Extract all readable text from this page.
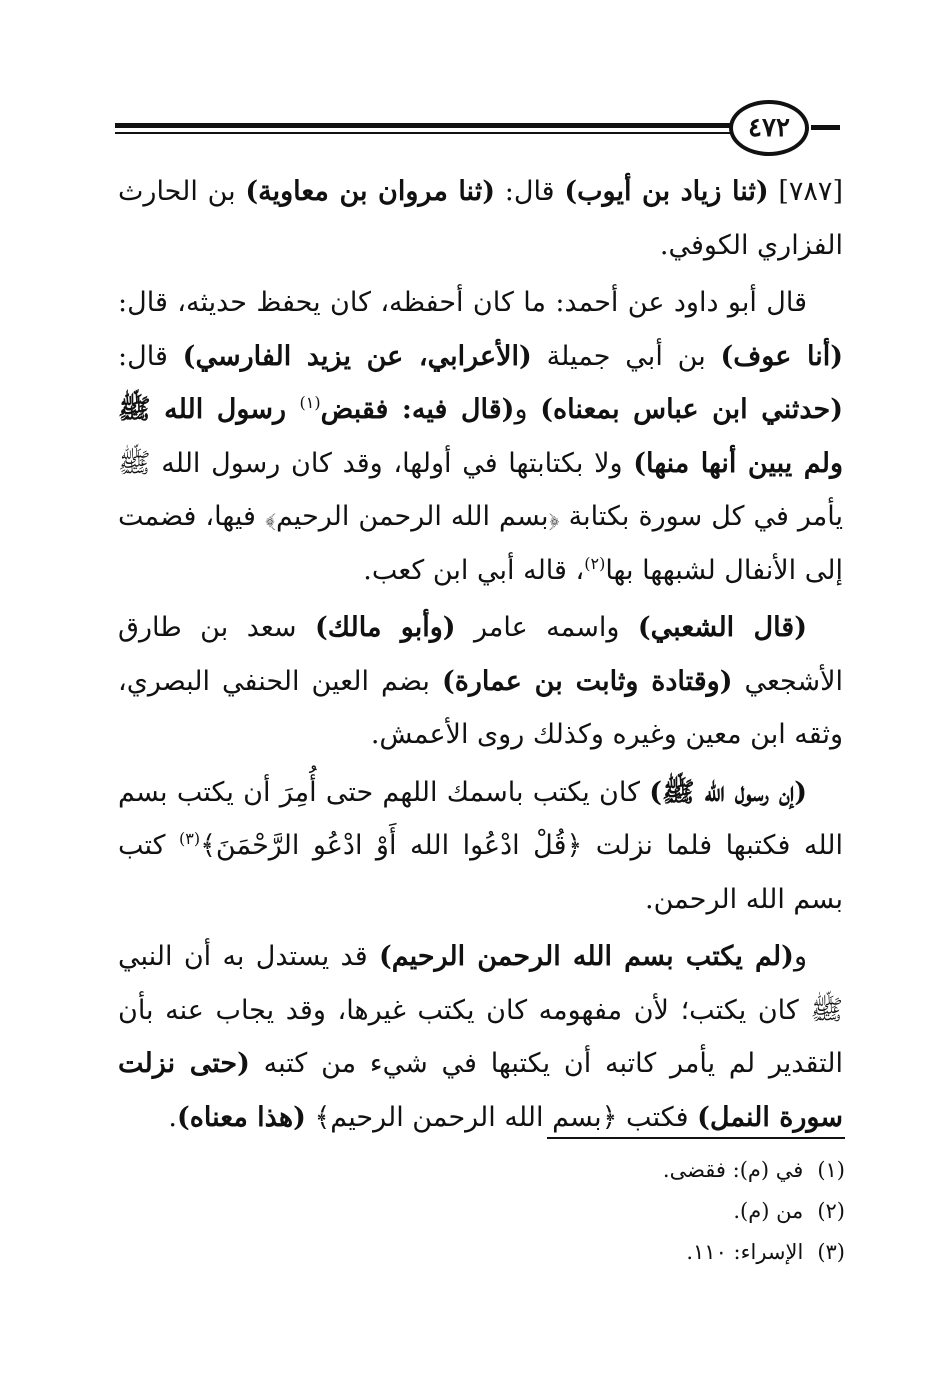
٤٧٢

[٧٨٧] (ثنا زياد بن أيوب) قال: (ثنا مروان بن معاوية) بن الحارث الفزاري الكوفي.

قال أبو داود عن أحمد: ما كان أحفظه، كان يحفظ حديثه، قال: (أنا عوف) بن أبي جميلة (الأعرابي، عن يزيد الفارسي) قال: (حدثني ابن عباس بمعناه) و(قال فيه: فقبض$^{(١)}$ رسول الله ﷺ ولم يبين أنها منها) ولا بكتابتها في أولها، وقد كان رسول الله ﷺ يأمر في كل سورة بكتابة ﴿بسم الله الرحمن الرحيم﴾ فيها، فضمت إلى الأنفال لشبهها بها$^{(٢)}$، قاله أبي ابن كعب.

(قال الشعبي) واسمه عامر (وأبو مالك) سعد بن طارق الأشجعي (وقتادة وثابت بن عمارة) بضم العين الحنفي البصري، وثقه ابن معين وغيره وكذلك روى الأعمش.

(إن رسول الله ﷺ) كان يكتب باسمك اللهم حتى أُمِرَ أن يكتب بسم الله فكتبها فلما نزلت ﴿قُلْ ادْعُوا الله أَوْ ادْعُو الرَّحْمَنَ﴾$^{(٣)}$ كتب بسم الله الرحمن.

و(لم يكتب بسم الله الرحمن الرحيم) قد يستدل به أن النبي ﷺ كان يكتب؛ لأن مفهومه كان يكتب غيرها، وقد يجاب عنه بأن التقدير لم يأمر كاتبه أن يكتبها في شيء من كتبه (حتى نزلت سورة النمل) فكتب ﴿بسم الله الرحمن الرحيم﴾ (هذا معناه).

(١)في (م): فقضى.
(٢)من (م).
(٣)الإسراء: ١١٠.
